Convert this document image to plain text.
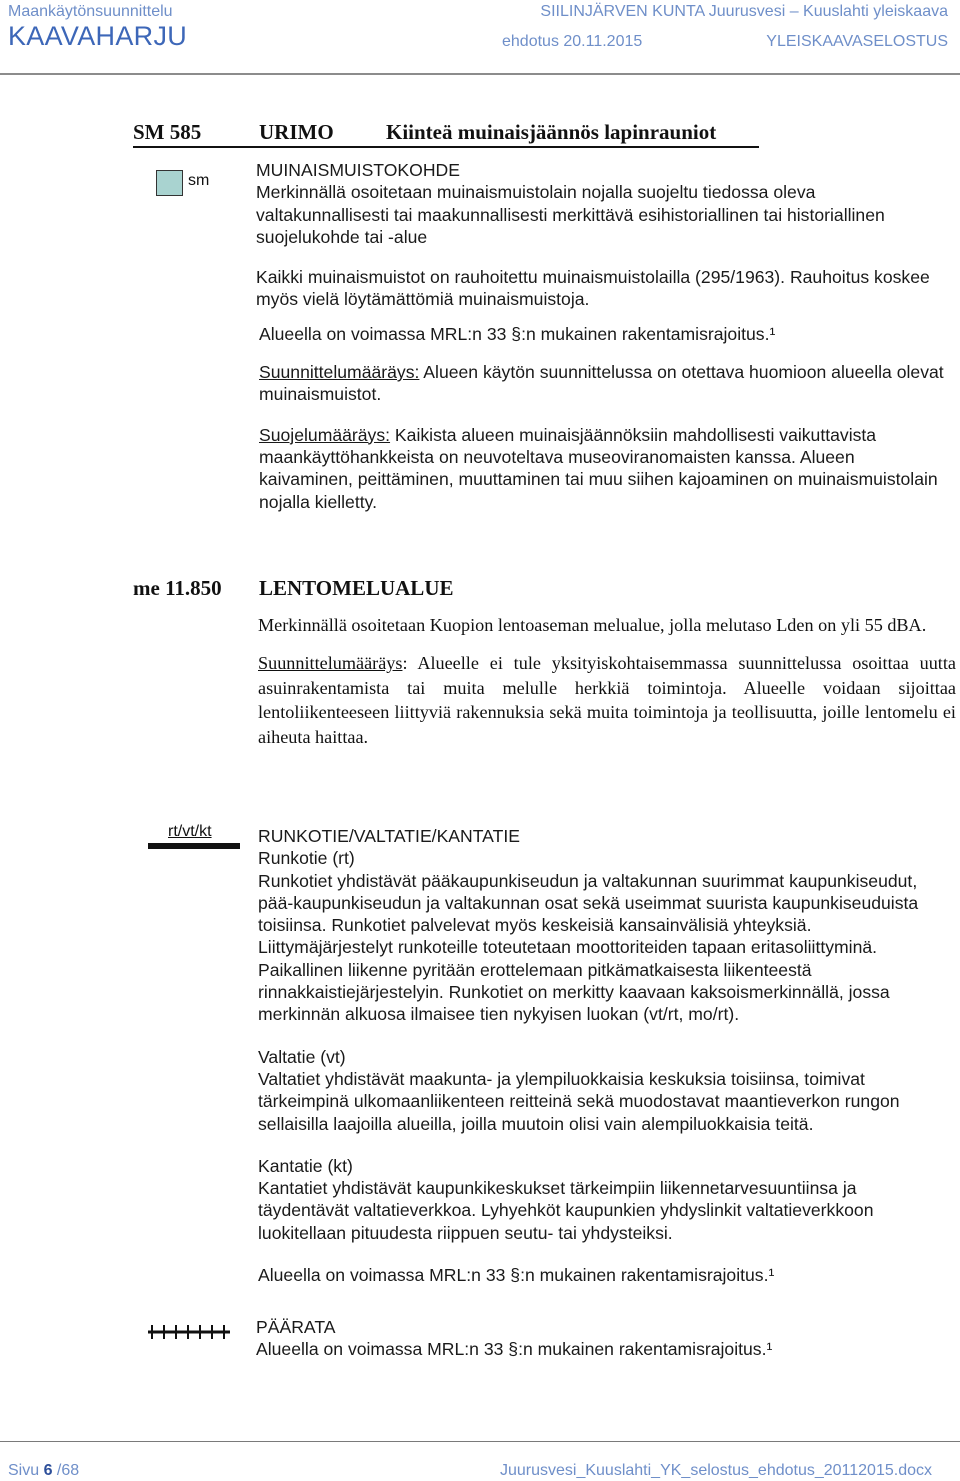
Maankäytönsuunnittelu
KAAVAHARJU
SIILINJÄRVEN KUNTA Juurusvesi – Kuuslahti yleiskaava
ehdotus 20.11.2015	YLEISKAAVASELOSTUS
SM 585	URIMO Kiinteä muinaisjäännös lapinrauniot
sm

MUINAISMUISTOKOHDE

Merkinnällä osoitetaan muinaismuistolain nojalla suojeltu tiedossa oleva valtakunnallisesti tai maakunnallisesti merkittävä esihistoriallinen tai historiallinen suojelukohde tai -alue

Kaikki muinaismuistot on rauhoitettu muinaismuistolailla (295/1963). Rauhoitus koskee myös vielä löytämättömiä muinaismuistoja.

Alueella on voimassa MRL:n 33 §:n mukainen rakentamisrajoitus.¹

Suunnittelumääräys: Alueen käytön suunnittelussa on otettava huomioon alueella olevat muinaismuistot.

Suojelumääräys: Kaikista alueen muinaisjäännöksiin mahdollisesti vaikuttavista maankäyttöhankkeista on neuvoteltava museoviranomaisten kanssa. Alueen kaivaminen, peittäminen, muuttaminen tai muu siihen kajoaminen on muinaismuistolain nojalla kielletty.

me 11.850 LENTOMELUALUE

Merkinnällä osoitetaan Kuopion lentoaseman melualue, jolla melutaso Lden on yli 55 dBA.

Suunnittelumääräys: Alueelle ei tule yksityiskohtaisemmassa suunnittelussa osoittaa uutta asuinrakentamista tai muita melulle herkkiä toimintoja. Alueelle voidaan sijoittaa lentoliikenteeseen liittyviä rakennuksia sekä muita toimintoja ja teollisuutta, joille lentomelu ei aiheuta haittaa.

rt/vt/kt	RUNKOTIE/VALTATIE/KANTATIE

Runkotie (rt)

Runkotiet yhdistävät pääkaupunkiseudun ja valtakunnan suurimmat kaupunkiseudut, pää-kaupunkiseudun ja valtakunnan osat sekä useimmat suurista kaupunkiseuduista toisiinsa. Runkotiet palvelevat myös keskeisiä kansainvälisiä yhteyksiä. Liittymäjärjestelyt runkoteille toteutetaan moottoriteiden tapaan eritasoliittyminä. Paikallinen liikenne pyritään erottelemaan pitkämatkaisesta liikenteestä rinnakkaistiejärjestelyin. Runkotiet on merkitty kaavaan kaksoismerkinnällä, jossa merkinnän alkuosa ilmaisee tien nykyisen luokan (vt/rt, mo/rt).

Valtatie (vt)

Valtatiet yhdistävät maakunta- ja ylempiluokkaisia keskuksia toisiinsa, toimivat tärkeimpinä ulkomaanliikenteen reitteinä sekä muodostavat maantieverkon rungon sellaisilla laajoilla alueilla, joilla muutoin olisi vain alempiluokkaisia teitä.

Kantatie (kt)

Kantatiet yhdistävät kaupunkikeskukset tärkeimpiin liikennetarvesuuntiinsa ja täydentävät valtatieverkkoa. Lyhyehköt kaupunkien yhdyslinkit valtatieverkkoon luokitellaan pituudesta riippuen seutu- tai yhdysteiksi.

Alueella on voimassa MRL:n 33 §:n mukainen rakentamisrajoitus.¹

PÄÄRATA

Alueella on voimassa MRL:n 33 §:n mukainen rakentamisrajoitus.¹

Sivu 6 /68	Juurusvesi_Kuuslahti_YK_selostus_ehdotus_20112015.docx
